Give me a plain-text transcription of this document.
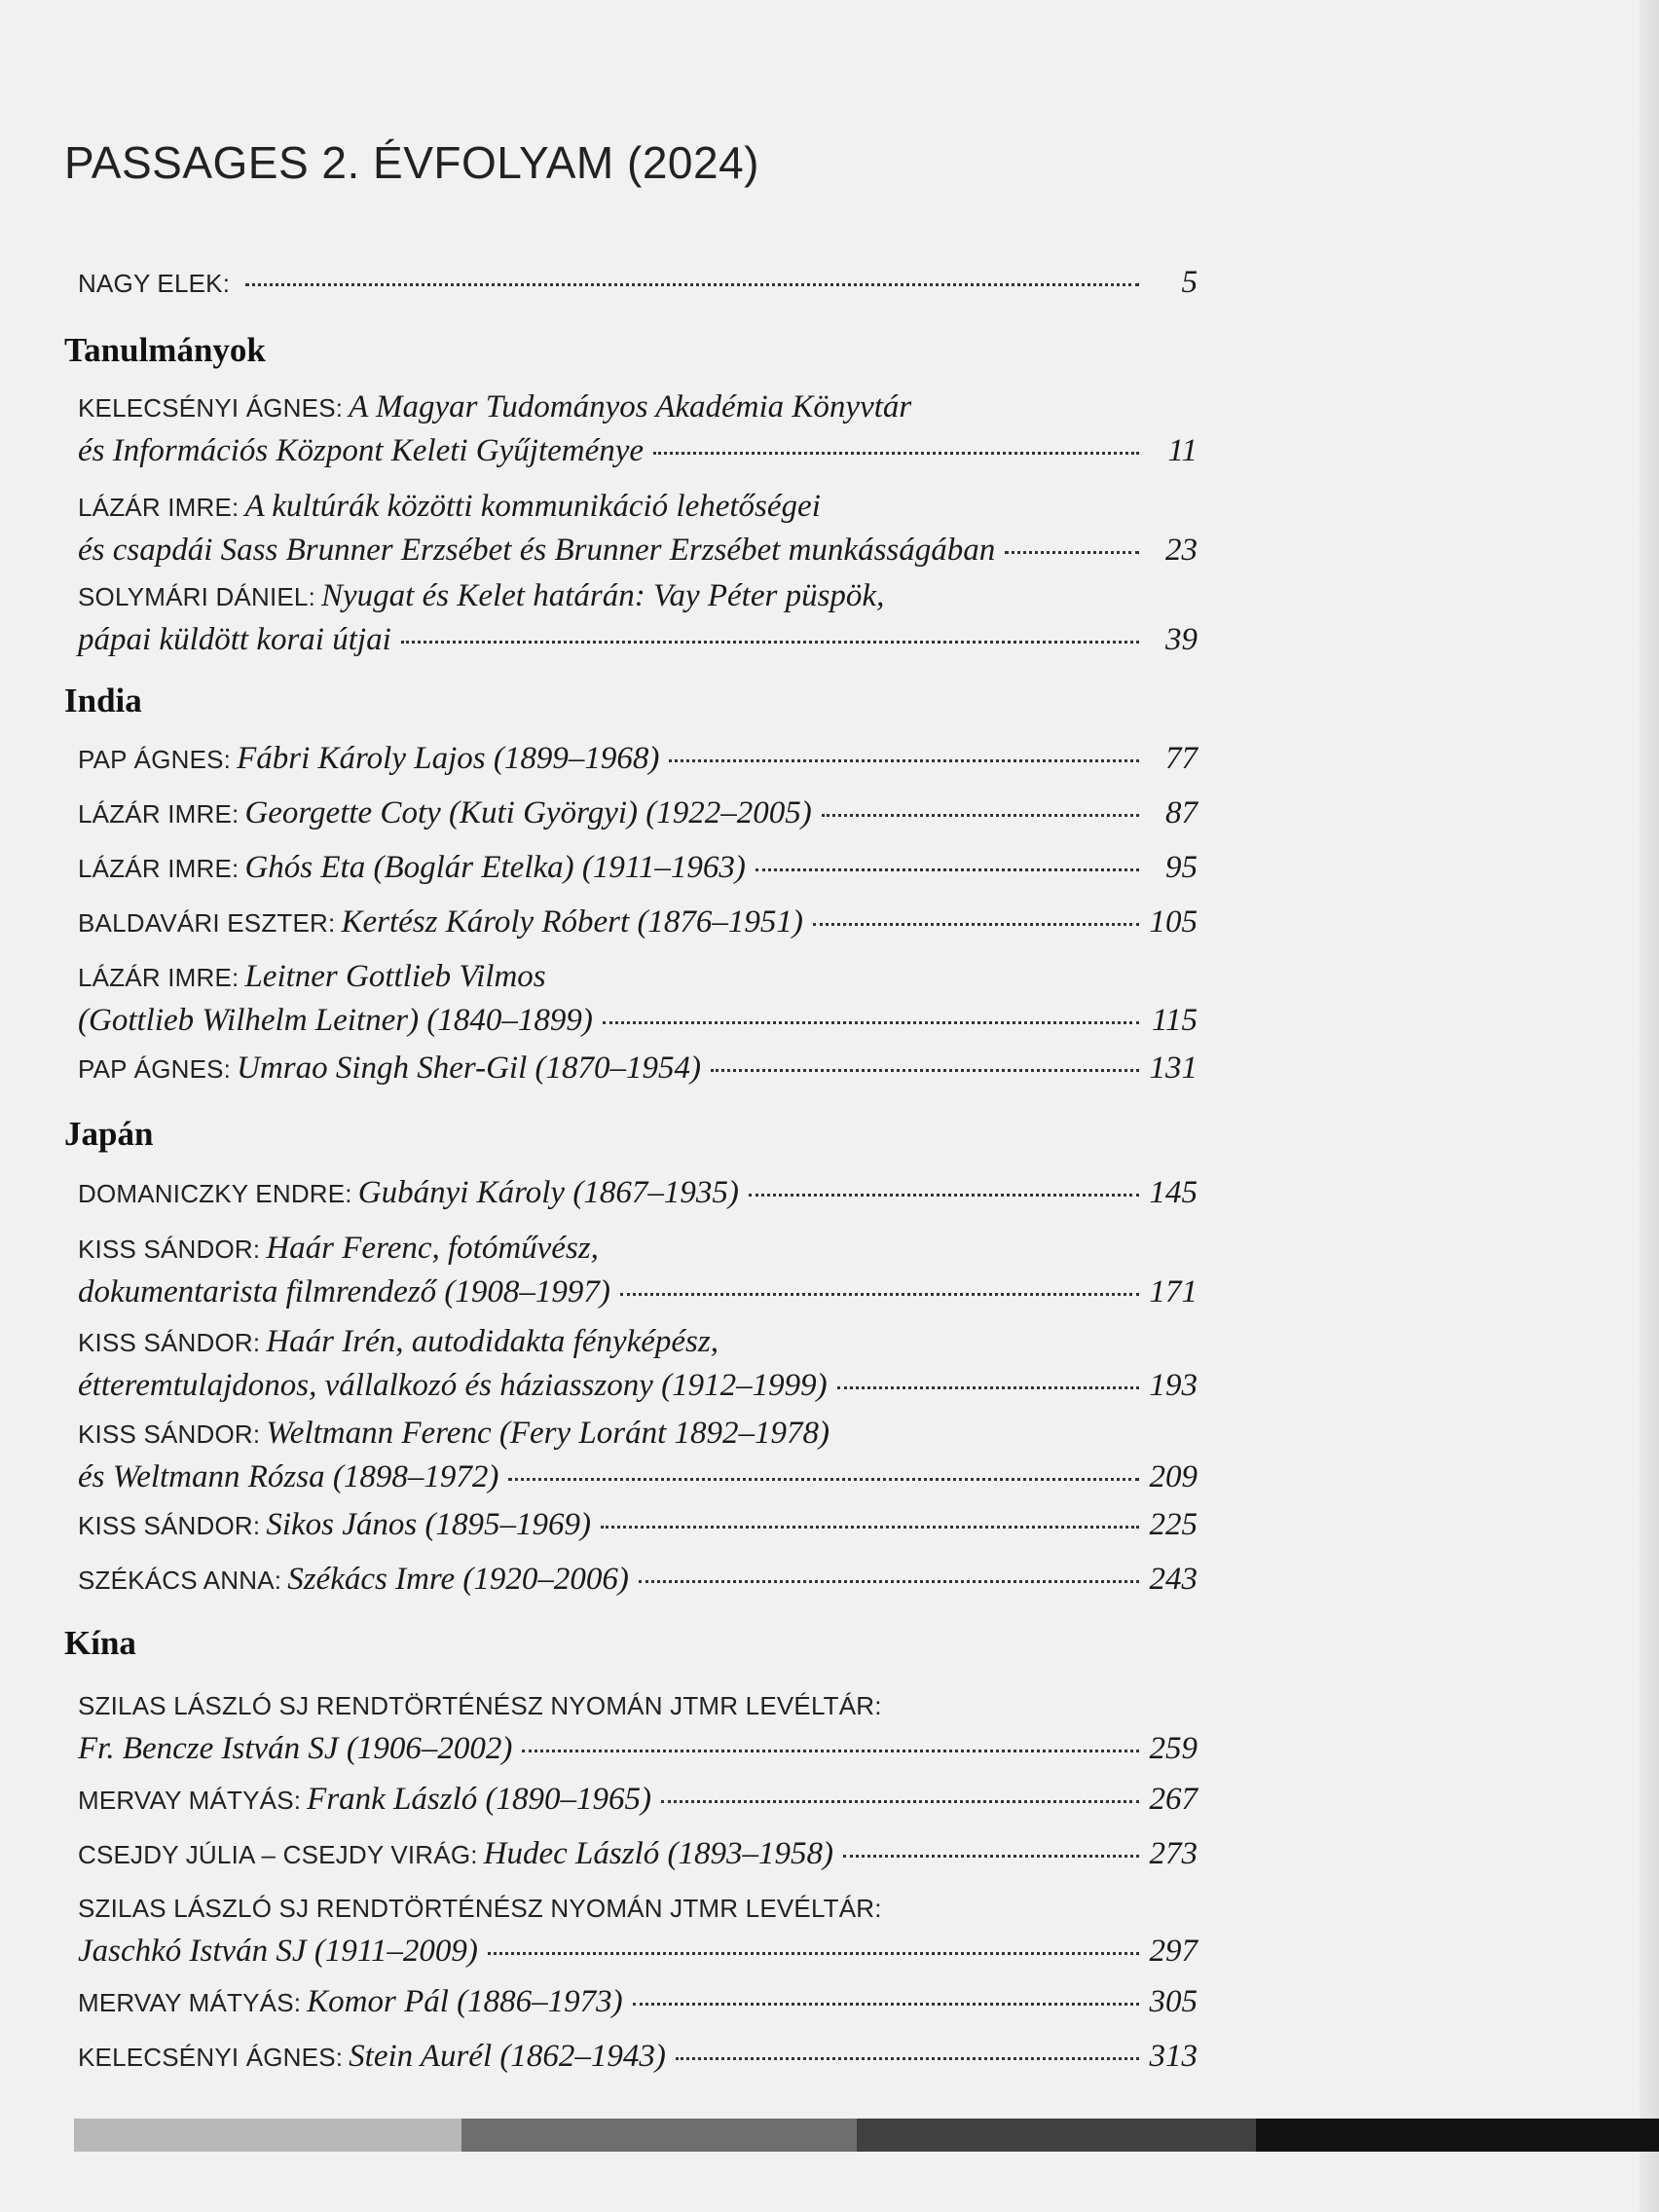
PASSAGES 2. ÉVFOLYAM (2024)
NAGY ELEK:	5
Tanulmányok
KELECSÉNYI ÁGNES: A Magyar Tudományos Akadémia Könyvtár
és Információs Központ Keleti Gyűjteménye	11
LÁZÁR IMRE: A kultúrák közötti kommunikáció lehetőségei
és csapdái Sass Brunner Erzsébet és Brunner Erzsébet munkásságában	23
SOLYMÁRI DÁNIEL: Nyugat és Kelet határán: Vay Péter püspök,
pápai küldött korai útjai	39
India
PAP ÁGNES: Fábri Károly Lajos (1899–1968)	77
LÁZÁR IMRE: Georgette Coty (Kuti Györgyi) (1922–2005)	87
LÁZÁR IMRE: Ghós Eta (Boglár Etelka) (1911–1963)	95
BALDAVÁRI ESZTER: Kertész Károly Róbert (1876–1951)	105
LÁZÁR IMRE: Leitner Gottlieb Vilmos
(Gottlieb Wilhelm Leitner) (1840–1899)	115
PAP ÁGNES: Umrao Singh Sher-Gil (1870–1954)	131
Japán
DOMANICZKY ENDRE: Gubányi Károly (1867–1935)	145
KISS SÁNDOR: Haár Ferenc, fotóművész,
dokumentarista filmrendező (1908–1997)	171
KISS SÁNDOR: Haár Irén, autodidakta fényképész,
étteremtulajdonos, vállalkozó és háziasszony (1912–1999)	193
KISS SÁNDOR: Weltmann Ferenc (Fery Loránt 1892–1978)
és Weltmann Rózsa (1898–1972)	209
KISS SÁNDOR: Sikos János (1895–1969)	225
SZÉKÁCS ANNA: Székács Imre (1920–2006)	243
Kína
SZILAS LÁSZLÓ SJ RENDTÖRTÉNÉSZ NYOMÁN JTMR LEVÉLTÁR:
Fr. Bencze István SJ (1906–2002)	259
MERVAY MÁTYÁS: Frank László (1890–1965)	267
CSEJDY JÚLIA – CSEJDY VIRÁG: Hudec László (1893–1958)	273
SZILAS LÁSZLÓ SJ RENDTÖRTÉNÉSZ NYOMÁN JTMR LEVÉLTÁR:
Jaschkó István SJ (1911–2009)	297
MERVAY MÁTYÁS: Komor Pál (1886–1973)	305
KELECSÉNYI ÁGNES: Stein Aurél (1862–1943)	313
